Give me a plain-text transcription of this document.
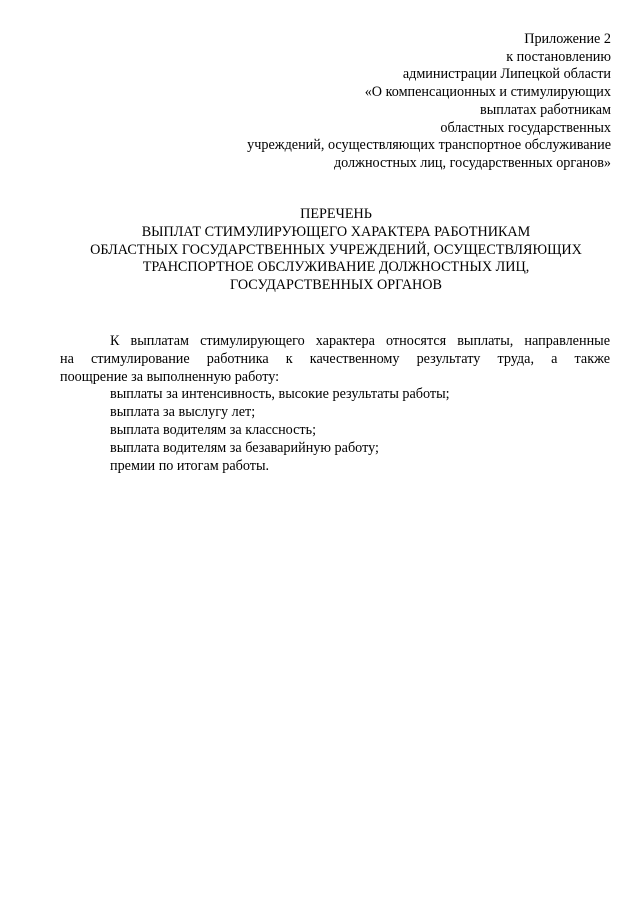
Приложение 2
к постановлению
администрации Липецкой области
«О компенсационных и стимулирующих
выплатах работникам
областных государственных
учреждений, осуществляющих транспортное обслуживание
должностных лиц, государственных органов»
ПЕРЕЧЕНЬ
ВЫПЛАТ СТИМУЛИРУЮЩЕГО ХАРАКТЕРА РАБОТНИКАМ
ОБЛАСТНЫХ ГОСУДАРСТВЕННЫХ УЧРЕЖДЕНИЙ, ОСУЩЕСТВЛЯЮЩИХ
ТРАНСПОРТНОЕ ОБСЛУЖИВАНИЕ ДОЛЖНОСТНЫХ ЛИЦ,
ГОСУДАРСТВЕННЫХ ОРГАНОВ
К выплатам стимулирующего характера относятся выплаты, направленные
на стимулирование работника к качественному результату труда, а также
поощрение за выполненную работу:
выплаты за интенсивность, высокие результаты работы;
выплата за выслугу лет;
выплата водителям за классность;
выплата водителям за безаварийную работу;
премии по итогам работы.
